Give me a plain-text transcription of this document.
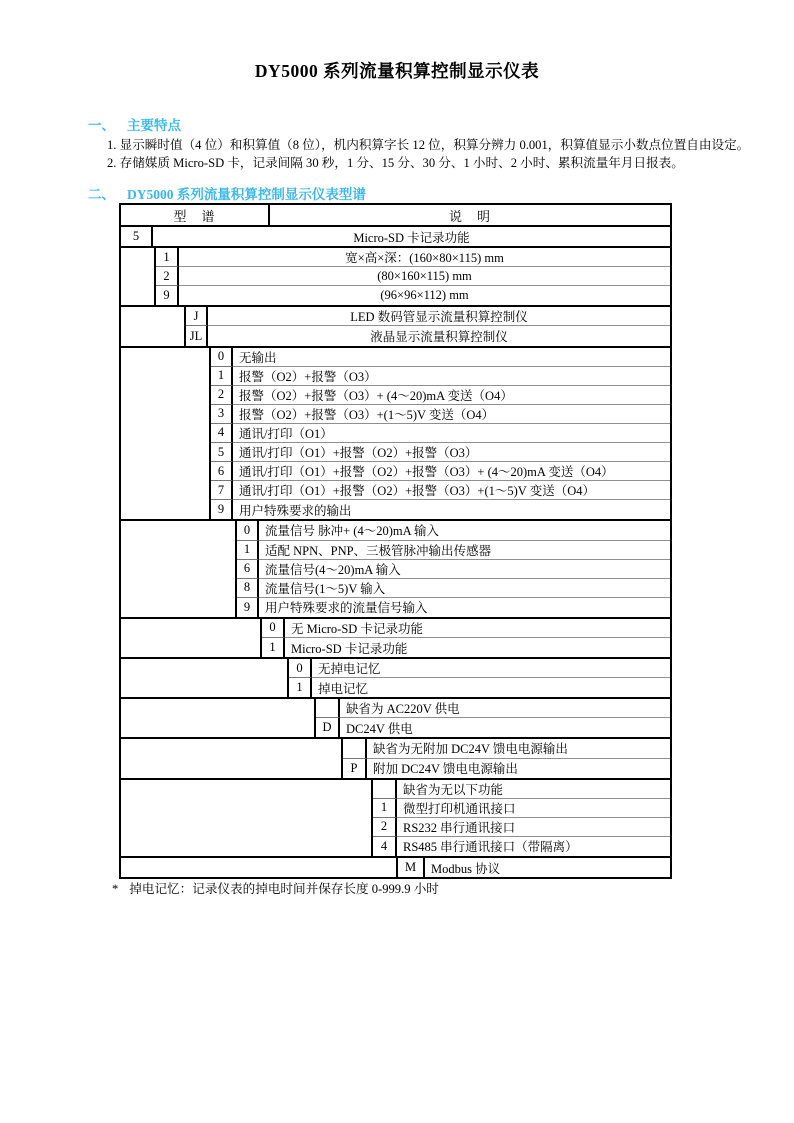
DY5000 系列流量积算控制显示仪表
一、 主要特点
1. 显示瞬时值（4 位）和积算值（8 位），机内积算字长 12 位，积算分辨力 0.001，积算值显示小数点位置自由设定。
2. 存储媒质 Micro-SD 卡，记录间隔 30 秒，1 分、15 分、30 分、1 小时、2 小时、累积流量年月日报表。
二、 DY5000 系列流量积算控制显示仪表型谱
型　谱	说　明
5	Micro-SD 卡记录功能
1	宽×高×深：(160×80×115) mm
2	(80×160×115) mm
9	(96×96×112) mm
J	LED 数码管显示流量积算控制仪
JL	液晶显示流量积算控制仪
0	无输出
1	报警（O2）+报警（O3）
2	报警（O2）+报警（O3）+ (4～20)mA 变送（O4）
3	报警（O2）+报警（O3）+(1～5)V 变送（O4）
4	通讯/打印（O1）
5	通讯/打印（O1）+报警（O2）+报警（O3）
6	通讯/打印（O1）+报警（O2）+报警（O3）+ (4～20)mA 变送（O4）
7	通讯/打印（O1）+报警（O2）+报警（O3）+(1～5)V 变送（O4）
9	用户特殊要求的输出
0	流量信号 脉冲+ (4～20)mA 输入
1	适配 NPN、PNP、三极管脉冲输出传感器
6	流量信号(4～20)mA 输入
8	流量信号(1～5)V 输入
9	用户特殊要求的流量信号输入
0	无 Micro-SD 卡记录功能
1	Micro-SD 卡记录功能
0	无掉电记忆
1	掉电记忆
缺省为 AC220V 供电
D	DC24V 供电
缺省为无附加 DC24V 馈电电源输出
P	附加 DC24V 馈电电源输出
缺省为无以下功能
1	微型打印机通讯接口
2	RS232 串行通讯接口
4	RS485 串行通讯接口（带隔离）
M	Modbus 协议
* 掉电记忆：记录仪表的掉电时间并保存长度 0-999.9 小时
